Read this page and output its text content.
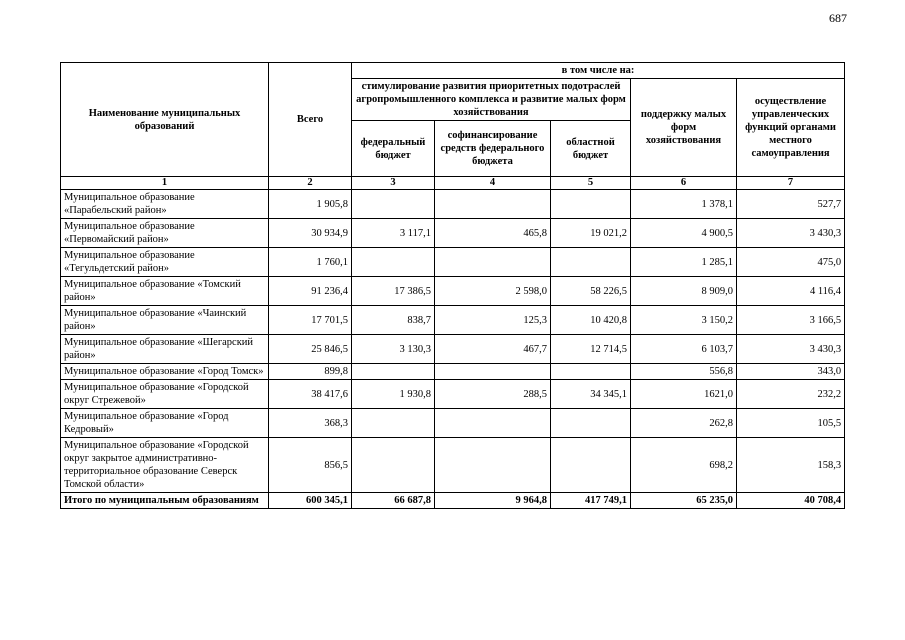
687
Наименование муниципальных образований	Всего	в том числе на:				
		стимулирование развития приоритетных подотраслей агропромышленного комплекса и развитие малых форм хозяйствования			поддержку малых форм хозяйствования	осуществление управленческих функций органами местного самоуправления
		федеральный бюджет	софинансирование средств федерального бюджета	областной бюджет		
1	2	3	4	5	6	7
Муниципальное образование «Парабельский район»	1 905,8				1 378,1	527,7
Муниципальное образование «Первомайский район»	30 934,9	3 117,1	465,8	19 021,2	4 900,5	3 430,3
Муниципальное образование «Тегульдетский район»	1 760,1				1 285,1	475,0
Муниципальное образование «Томский район»	91 236,4	17 386,5	2 598,0	58 226,5	8 909,0	4 116,4
Муниципальное образование «Чаинский район»	17 701,5	838,7	125,3	10 420,8	3 150,2	3 166,5
Муниципальное образование «Шегарский район»	25 846,5	3 130,3	467,7	12 714,5	6 103,7	3 430,3
Муниципальное образование «Город Томск»	899,8				556,8	343,0
Муниципальное образование «Городской округ Стрежевой»	38 417,6	1 930,8	288,5	34 345,1	1621,0	232,2
Муниципальное образование «Город Кедровый»	368,3				262,8	105,5
Муниципальное образование «Городской округ закрытое административно-территориальное образование Северск Томской области»	856,5				698,2	158,3
Итого по муниципальным образованиям	600 345,1	66 687,8	9 964,8	417 749,1	65 235,0	40 708,4
